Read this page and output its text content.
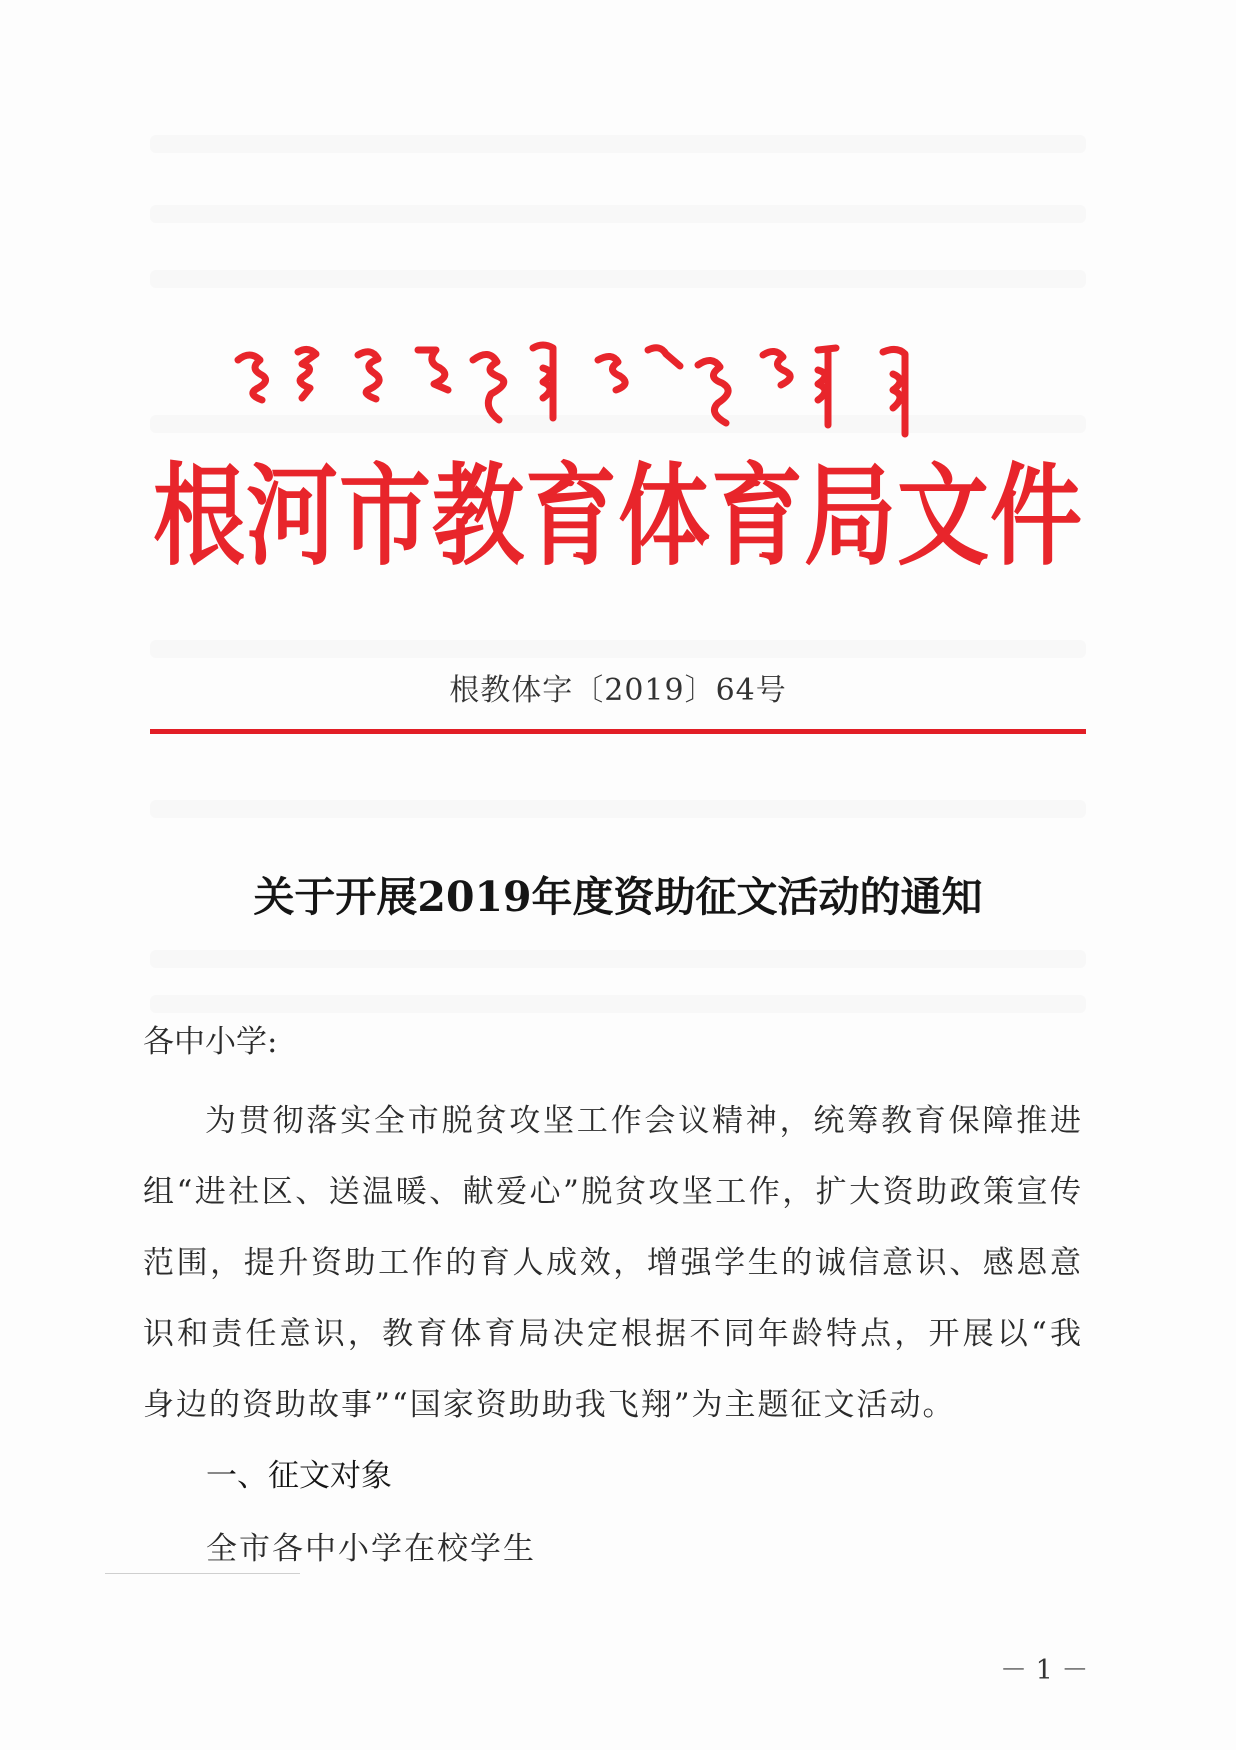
根河市教育体育局文件
根教体字〔2019〕64号
关于开展2019年度资助征文活动的通知
各中小学:
为贯彻落实全市脱贫攻坚工作会议精神，统筹教育保障推进组“进社区、送温暖、献爱心”脱贫攻坚工作，扩大资助政策宣传范围，提升资助工作的育人成效，增强学生的诚信意识、感恩意识和责任意识，教育体育局决定根据不同年龄特点，开展以“我身边的资助故事”“国家资助助我飞翔”为主题征文活动。
一、征文对象
全市各中小学在校学生
－ 1 －
